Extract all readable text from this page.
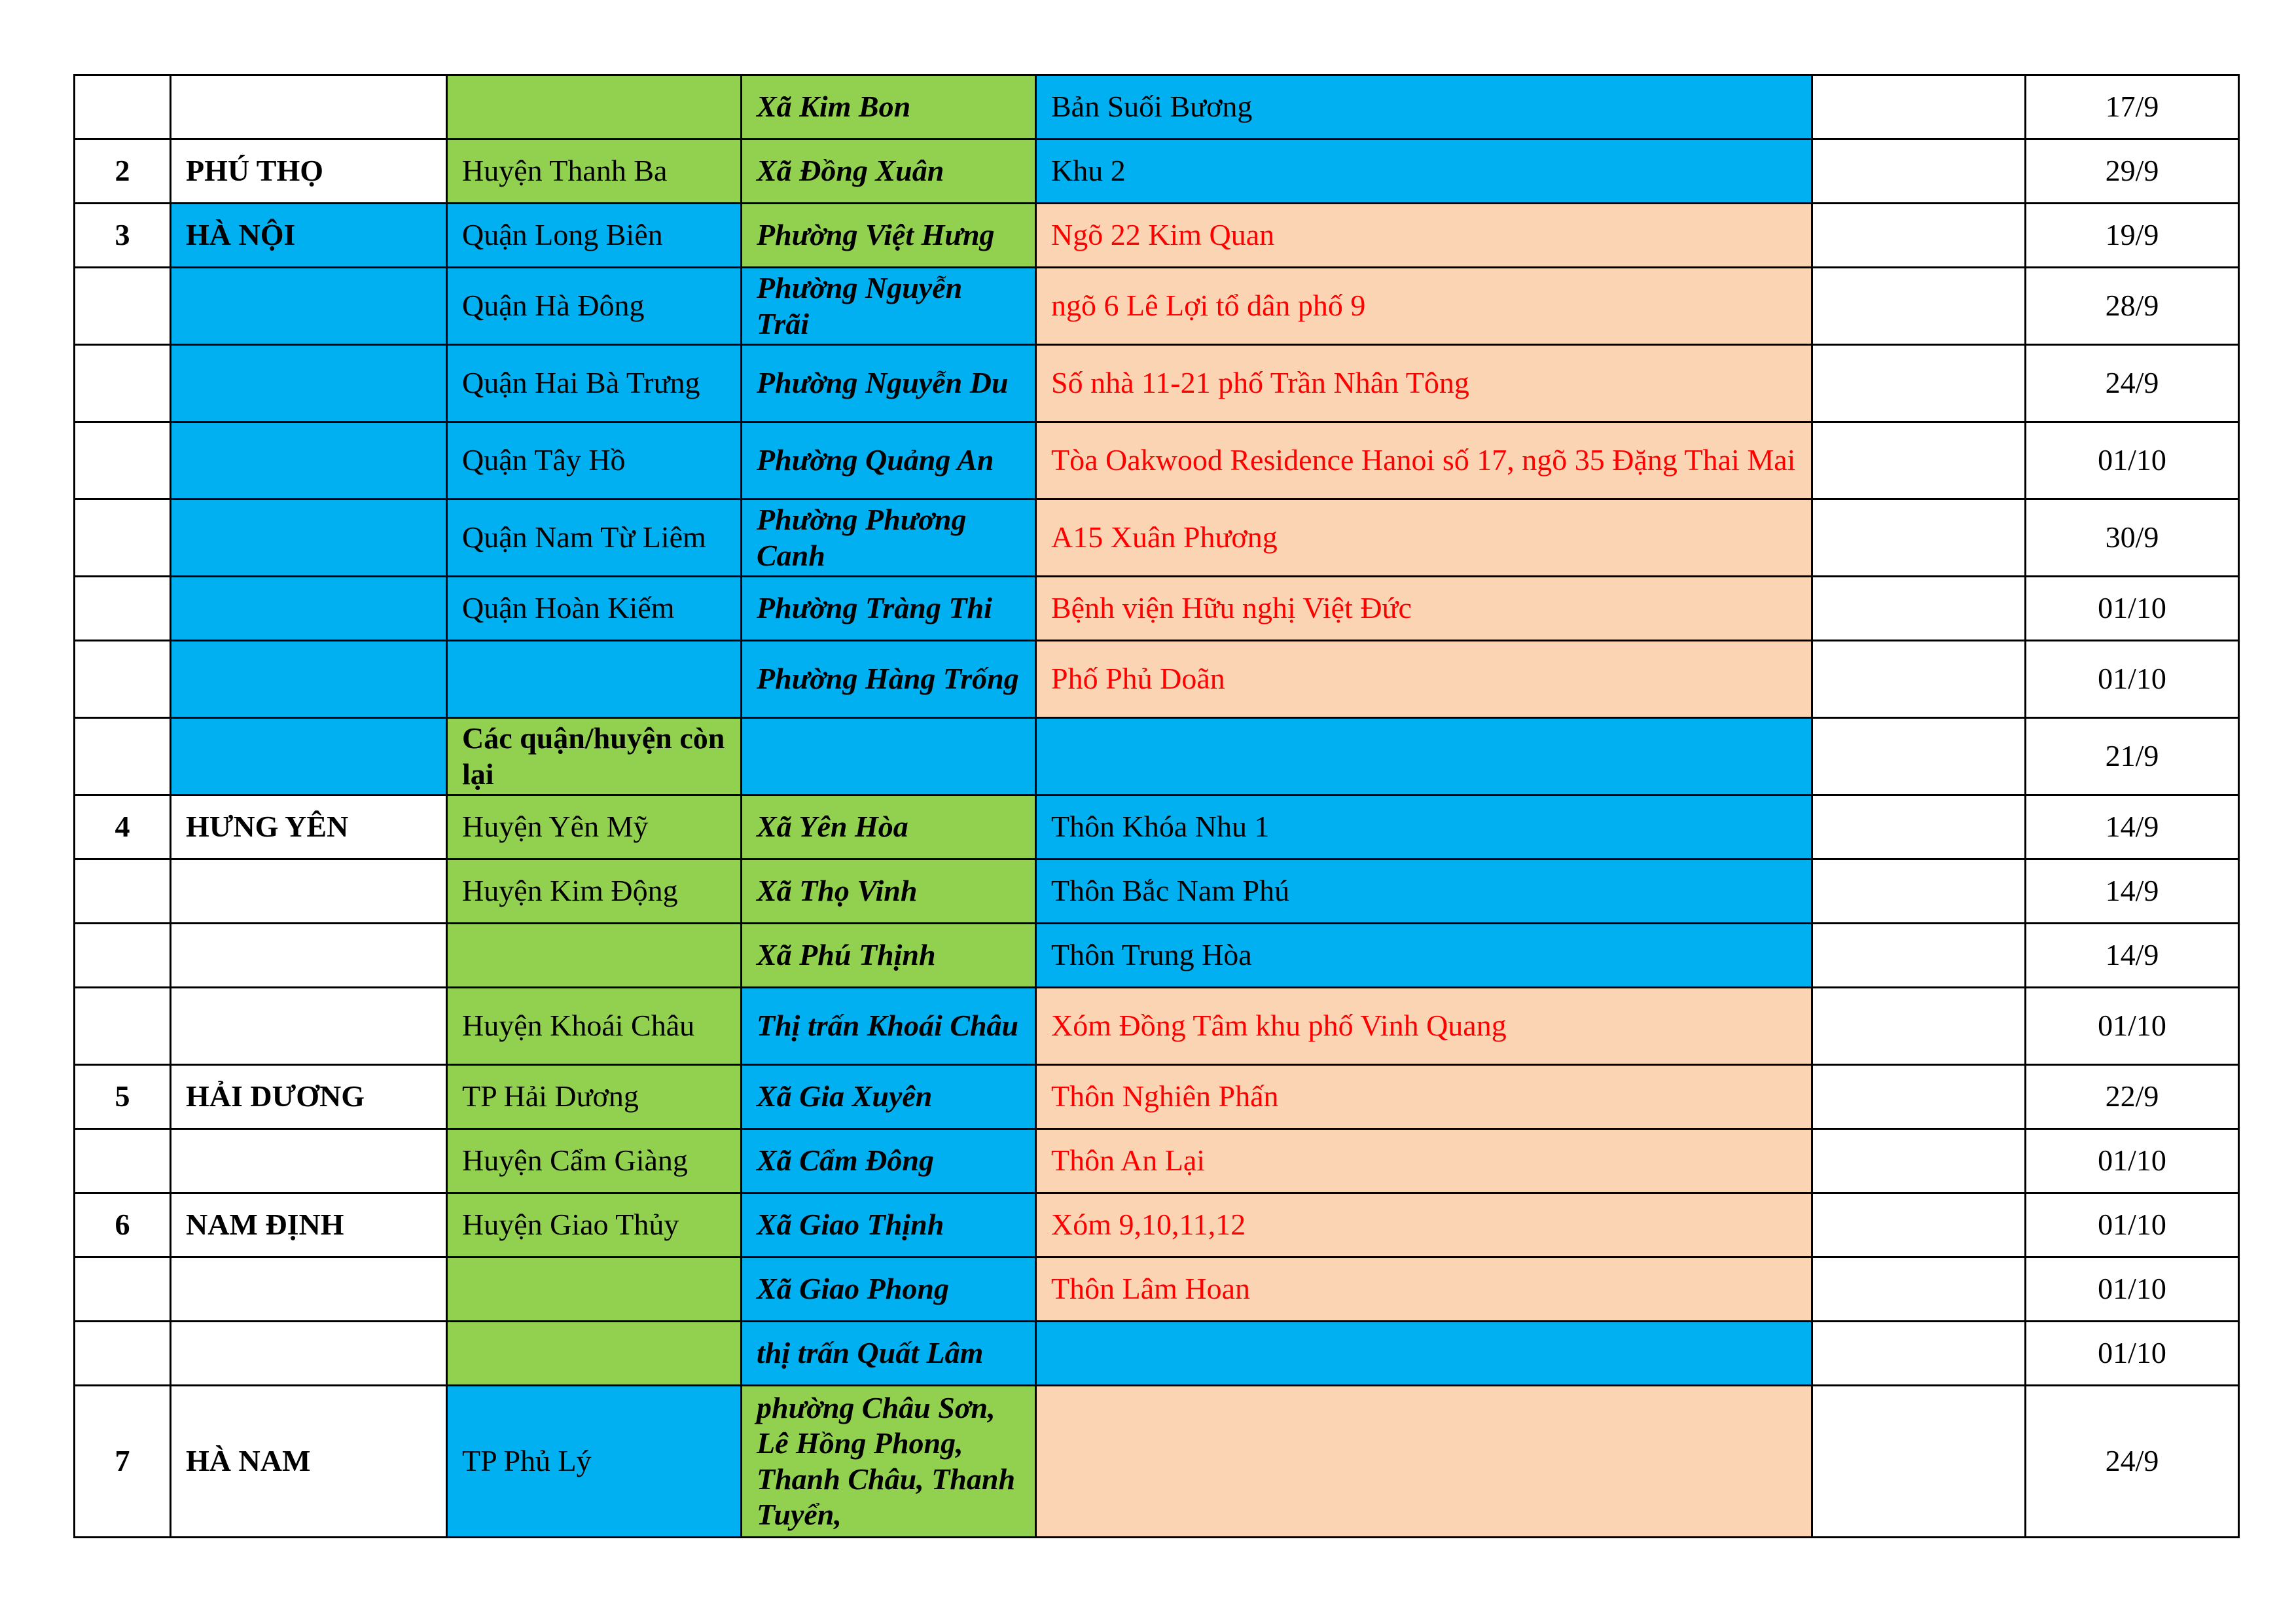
			Xã Kim Bon	Bản Suối Bương		17/9
2	PHÚ THỌ	Huyện Thanh Ba	Xã Đồng Xuân	Khu 2		29/9
3	HÀ NỘI	Quận Long Biên	Phường Việt Hưng	Ngõ 22 Kim Quan		19/9
		Quận Hà Đông	Phường Nguyễn Trãi	ngõ 6 Lê Lợi tổ dân phố 9		28/9
		Quận Hai Bà Trưng	Phường Nguyễn Du	Số nhà 11-21 phố Trần Nhân Tông		24/9
		Quận Tây Hồ	Phường Quảng An	Tòa Oakwood Residence Hanoi số 17, ngõ 35 Đặng Thai Mai		01/10
		Quận Nam Từ Liêm	Phường Phương Canh	A15 Xuân Phương		30/9
		Quận Hoàn Kiếm	Phường Tràng Thi	Bệnh viện Hữu nghị Việt Đức		01/10
			Phường Hàng Trống	Phố Phủ Doãn		01/10
		Các quận/huyện còn lại				21/9
4	HƯNG YÊN	Huyện Yên Mỹ	Xã Yên Hòa	Thôn Khóa Nhu 1		14/9
		Huyện Kim Động	Xã Thọ Vinh	Thôn Bắc Nam Phú		14/9
			Xã Phú Thịnh	Thôn Trung Hòa		14/9
		Huyện Khoái Châu	Thị trấn Khoái Châu	Xóm Đồng Tâm khu phố Vinh Quang		01/10
5	HẢI DƯƠNG	TP Hải Dương	Xã Gia Xuyên	Thôn Nghiên Phấn		22/9
		Huyện Cẩm Giàng	Xã Cẩm Đông	Thôn An Lại		01/10
6	NAM ĐỊNH	Huyện Giao Thủy	Xã Giao Thịnh	Xóm 9,10,11,12		01/10
			Xã Giao Phong	Thôn Lâm Hoan		01/10
			thị trấn Quất Lâm			01/10
7	HÀ NAM	TP Phủ Lý	phường Châu Sơn, Lê Hồng Phong, Thanh Châu, Thanh Tuyển,			24/9
